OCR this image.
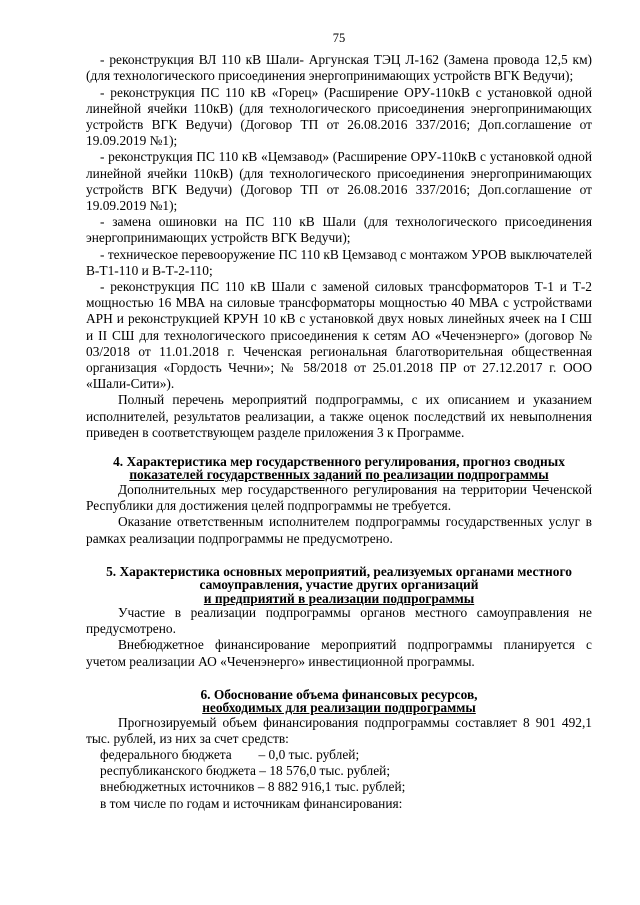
75

- реконструкция ВЛ 110 кВ Шали- Аргунская ТЭЦ Л-162 (Замена провода 12,5 км) (для технологического присоединения энергопринимающих устройств ВГК Ведучи);

- реконструкция ПС 110 кВ «Горец» (Расширение ОРУ-110кВ с установкой одной линейной ячейки 110кВ) (для технологического присоединения энергопринимающих устройств ВГК Ведучи) (Договор ТП от 26.08.2016 337/2016; Доп.соглашение от 19.09.2019 №1);

- реконструкция ПС 110 кВ «Цемзавод» (Расширение ОРУ-110кВ с установкой одной линейной ячейки 110кВ) (для технологического присоединения энергопринимающих устройств ВГК Ведучи) (Договор ТП от 26.08.2016 337/2016; Доп.соглашение от 19.09.2019 №1);

- замена ошиновки на ПС 110 кВ Шали (для технологического присоединения энергопринимающих устройств ВГК Ведучи);

- техническое перевооружение ПС 110 кВ Цемзавод с монтажом УРОВ выключателей В-Т1-110 и В-Т-2-110;

- реконструкция ПС 110 кВ Шали с заменой силовых трансформаторов Т-1 и Т-2 мощностью 16 МВА на силовые трансформаторы мощностью 40 МВА с устройствами АРН и реконструкцией КРУН 10 кВ с установкой двух новых линейных ячеек на I СШ и II СШ для технологического присоединения к сетям АО «Чеченэнерго» (договор № 03/2018 от 11.01.2018 г. Чеченская региональная благотворительная общественная организация «Гордость Чечни»; № 58/2018 от 25.01.2018 ПР от 27.12.2017 г. ООО «Шали-Сити»).

Полный перечень мероприятий подпрограммы, с их описанием и указанием исполнителей, результатов реализации, а также оценок последствий их невыполнения приведен в соответствующем разделе приложения 3 к Программе.

4. Характеристика мер государственного регулирования, прогноз сводных
показателей государственных заданий по реализации подпрограммы

Дополнительных мер государственного регулирования на территории Чеченской Республики для достижения целей подпрограммы не требуется.

Оказание ответственным исполнителем подпрограммы государственных услуг в рамках реализации подпрограммы не предусмотрено.

5. Характеристика основных мероприятий, реализуемых органами местного
самоуправления, участие других организаций
и предприятий в реализации подпрограммы

Участие в реализации подпрограммы органов местного самоуправления не предусмотрено.

Внебюджетное финансирование мероприятий подпрограммы планируется с учетом реализации АО «Чеченэнерго» инвестиционной программы.

6. Обоснование объема финансовых ресурсов,
необходимых для реализации подпрограммы

Прогнозируемый объем финансирования подпрограммы составляет 8 901 492,1 тыс. рублей, из них за счет средств:

федерального бюджета        – 0,0 тыс. рублей;

республиканского бюджета – 18 576,0 тыс. рублей;

внебюджетных источников – 8 882 916,1 тыс. рублей;

в том числе по годам и источникам финансирования:
